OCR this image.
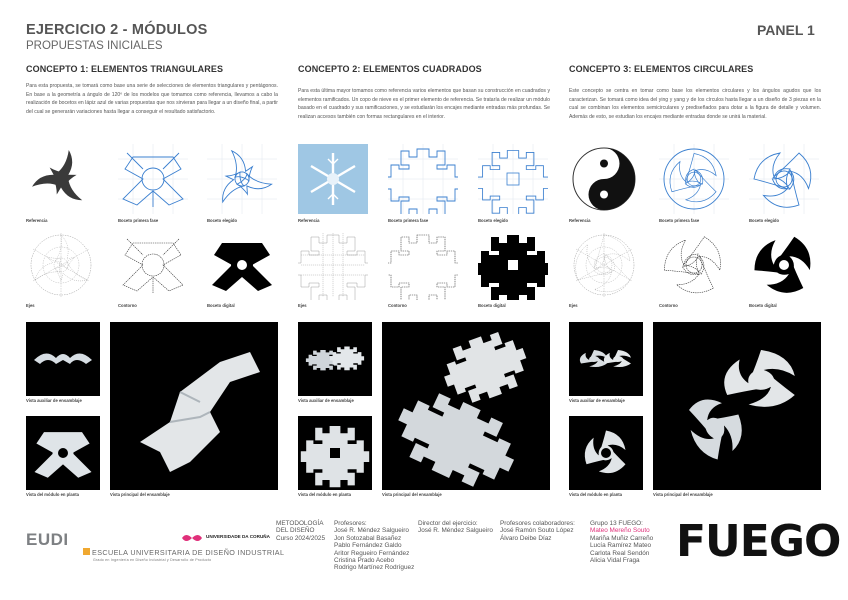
EJERCICIO 2 - MÓDULOS
PROPUESTAS INICIALES
PANEL 1
CONCEPTO 1: ELEMENTOS TRIANGULARES
Para esta propuesta, se tomará como base una serie de selecciones de elementos triangulares y pentágonos. En base a la geometría a ángulo de 120º de los modelos que tomamos como referencia, llevamos a cabo la realización de bocetos en lápiz azul de varias propuestas que nos sirvieran para llegar a un diseño final, a partir del cual se generarán variaciones hasta llegar a conseguir el resultado satisfactorio.
Referencia	Boceto primera fase	Boceto elegido
Ejes	Contorno	Boceto digital
Vista auxiliar de ensamblaje
Vista del módulo en planta	Vista principal del ensamblaje
CONCEPTO 2: ELEMENTOS CUADRADOS
Para esta última mayor tomamos como referencia varios elementos que basan su construcción en cuadrados y elementos ramificados. Un copo de nieve es el primer elemento de referencia. Se trataría de realizar un módulo basado en el cuadrado y sus ramificaciones, y se estudiarán los encajes mediante entradas más profundas. Se realizan accesos también con formas rectangulares en el interior.
Referencia	Boceto primera fase	Boceto elegido
Ejes	Contorno	Boceto digital
Vista auxiliar de ensamblaje
Vista del módulo en planta	Vista principal del ensamblaje
CONCEPTO 3: ELEMENTOS CIRCULARES
Este concepto se centra en tomar como base los elementos circulares y los ángulos agudos que los caracterizan. Se tomará como idea del ying y yang y de los círculos hasta llegar a un diseño de 3 piezas en la cual se combinan los elementos semicirculares y prediseñados para dotar a la figura de detalle y volumen. Además de esto, se estudian los encajes mediante entradas donde se unirá la material.
Referencia	Boceto primera fase	Boceto elegido
Ejes	Contorno	Boceto digital
Vista auxiliar de ensamblaje
Vista del módulo en planta	Vista principal del ensamblaje
EUDI
ESCUELA UNIVERSITARIA DE DISEÑO INDUSTRIAL
Grado en Ingeniería en Diseño Industrial y Desarrollo de Producto
UNIVERSIDADE DA CORUÑA
METODOLOGÍA
DEL DISEÑO
Curso 2024/2025
Profesores:
José R. Méndez Salgueiro
Jon Sotozabal Basañez
Pablo Fernández Galdo
Aritor Regueiro Fernández
Cristina Prado Acebo
Rodrigo Martínez Rodríguez
Director del ejercicio:
José R. Méndez Salgueiro
Profesores colaboradores:
José Ramón Souto López
Álvaro Deibe Díaz
Grupo 13 FUEGO:
Mateo Mereño Souto
Mariña Muñiz Carreño
Lucía Ramírez Mateo
Carlota Real Sendón
Alicia Vidal Fraga FUEGO
